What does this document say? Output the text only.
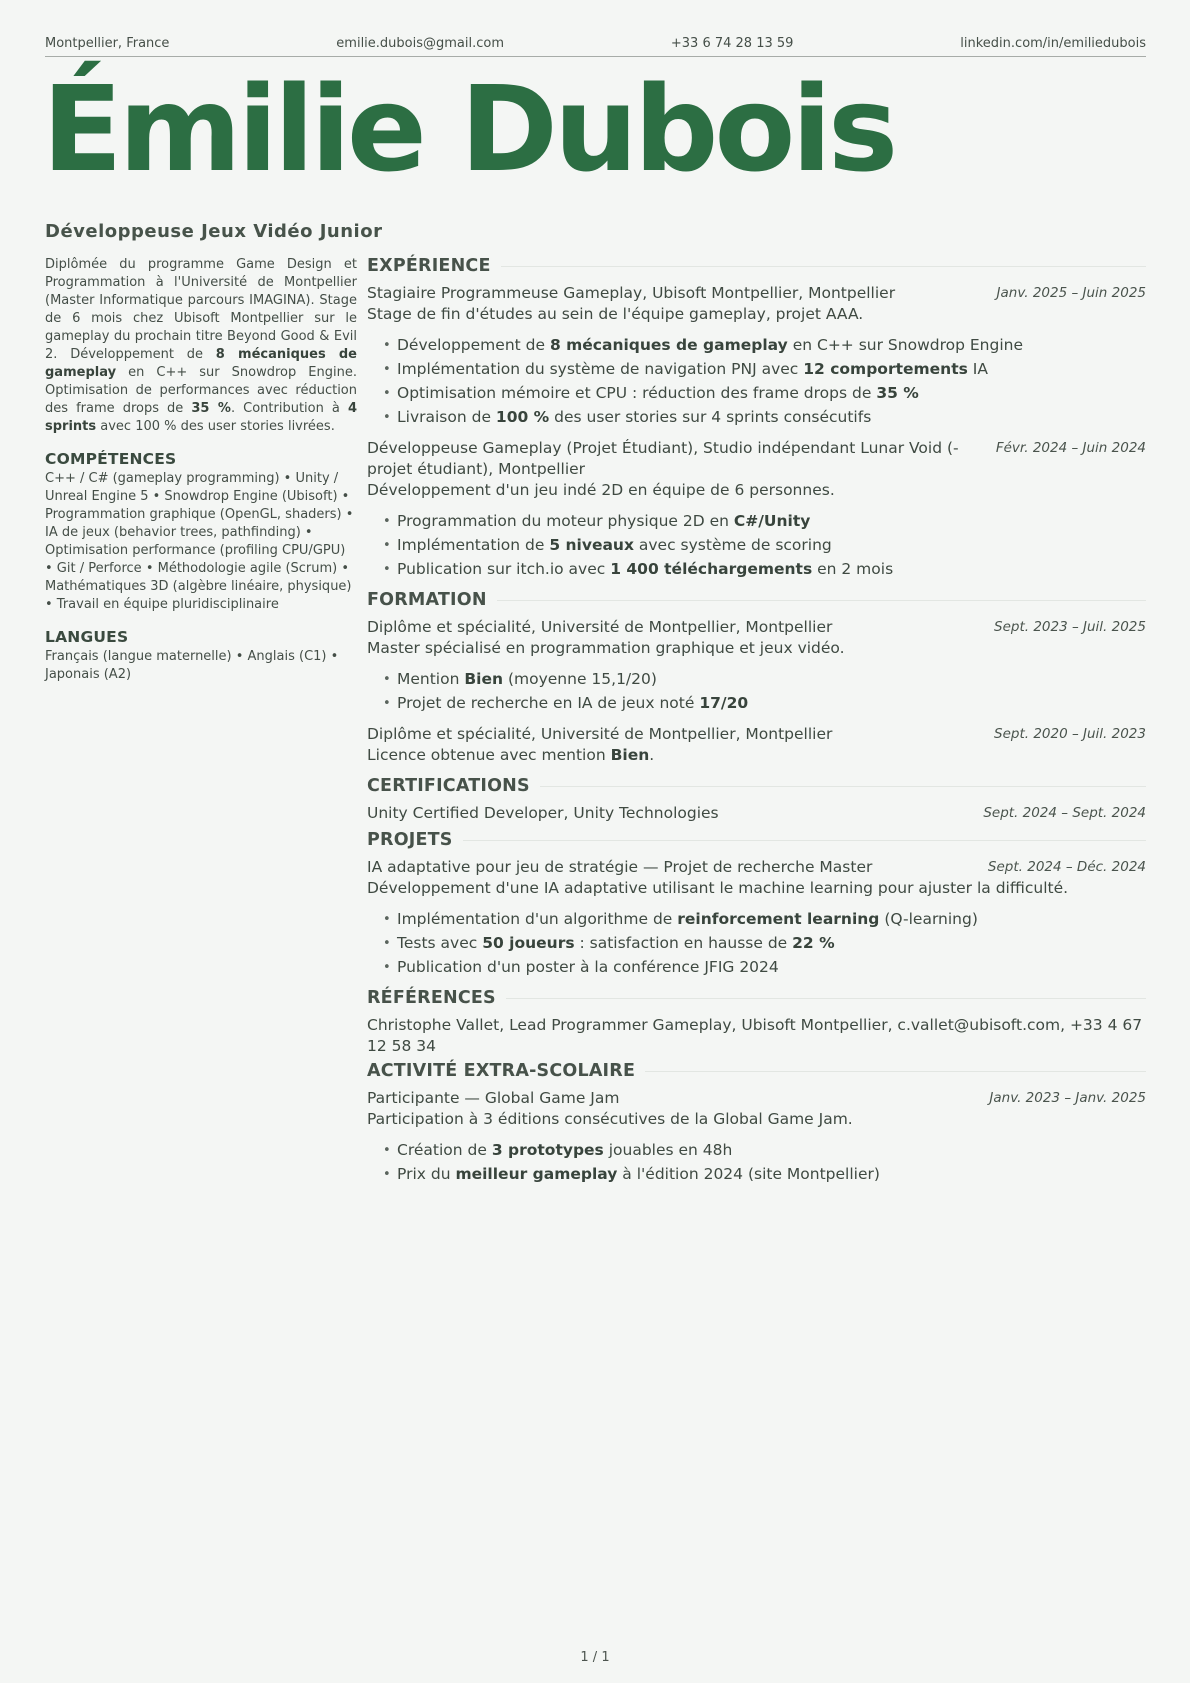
Montpellier, France	emilie.dubois@gmail.com	+33 6 74 28 13 59	linkedin.com/in/emiliedubois
Émilie Dubois
Développeuse Jeux Vidéo Junior

Diplômée du programme Game Design et Programmation à l'Université de Montpellier (Master Informatique parcours IMAGINA). Stage de 6 mois chez Ubisoft Montpellier sur le gameplay du prochain titre Beyond Good & Evil 2. Développement de 8 mécaniques de gameplay en C++ sur Snowdrop Engine. Optimisation de performances avec réduction des frame drops de 35 %. Contribution à 4 sprints avec 100 % des user stories livrées.

COMPÉTENCES

C++ / C# (gameplay programming) • Unity / Unreal Engine 5 • Snowdrop Engine (Ubisoft) • Programmation graphique (OpenGL, shaders) • IA de jeux (behavior trees, pathfinding) • Optimisation performance (profiling CPU/GPU) • Git / Perforce • Méthodologie agile (Scrum) • Mathématiques 3D (algèbre linéaire, physique) • Travail en équipe pluridisciplinaire

LANGUES

Français (langue maternelle) • Anglais (C1) • Japonais (A2)

EXPÉRIENCE
Stagiaire Programmeuse Gameplay, Ubisoft Montpellier, Montpellier	Janv. 2025 – Juin 2025
Stage de fin d'études au sein de l'équipe gameplay, projet AAA.
• Développement de 8 mécaniques de gameplay en C++ sur Snowdrop Engine
• Implémentation du système de navigation PNJ avec 12 comportements IA
• Optimisation mémoire et CPU : réduction des frame drops de 35 %
• Livraison de 100 % des user stories sur 4 sprints consécutifs
Développeuse Gameplay (Projet Étudiant), Studio indépendant Lunar Void (-projet étudiant), Montpellier
Févr. 2024 – Juin 2024
Développement d'un jeu indé 2D en équipe de 6 personnes.
• Programmation du moteur physique 2D en C#/Unity
• Implémentation de 5 niveaux avec système de scoring
• Publication sur itch.io avec 1 400 téléchargements en 2 mois
FORMATION
Diplôme et spécialité, Université de Montpellier, Montpellier	Sept. 2023 – Juil. 2025
Master spécialisé en programmation graphique et jeux vidéo.
• Mention Bien (moyenne 15,1/20)
• Projet de recherche en IA de jeux noté 17/20
Diplôme et spécialité, Université de Montpellier, Montpellier	Sept. 2020 – Juil. 2023
Licence obtenue avec mention Bien.
CERTIFICATIONS
Unity Certified Developer, Unity Technologies	Sept. 2024 – Sept. 2024
PROJETS
IA adaptative pour jeu de stratégie — Projet de recherche Master	Sept. 2024 – Déc. 2024
Développement d'une IA adaptative utilisant le machine learning pour ajuster la difficulté.
• Implémentation d'un algorithme de reinforcement learning (Q-learning)
• Tests avec 50 joueurs : satisfaction en hausse de 22 %
• Publication d'un poster à la conférence JFIG 2024
RÉFÉRENCES

Christophe Vallet, Lead Programmer Gameplay, Ubisoft Montpellier, c.vallet@ubisoft.com, +33 4 67 12 58 34

ACTIVITÉ EXTRA-SCOLAIRE
Participante — Global Game Jam	Janv. 2023 – Janv. 2025
Participation à 3 éditions consécutives de la Global Game Jam.
• Création de 3 prototypes jouables en 48h
• Prix du meilleur gameplay à l'édition 2024 (site Montpellier)
1 / 1
